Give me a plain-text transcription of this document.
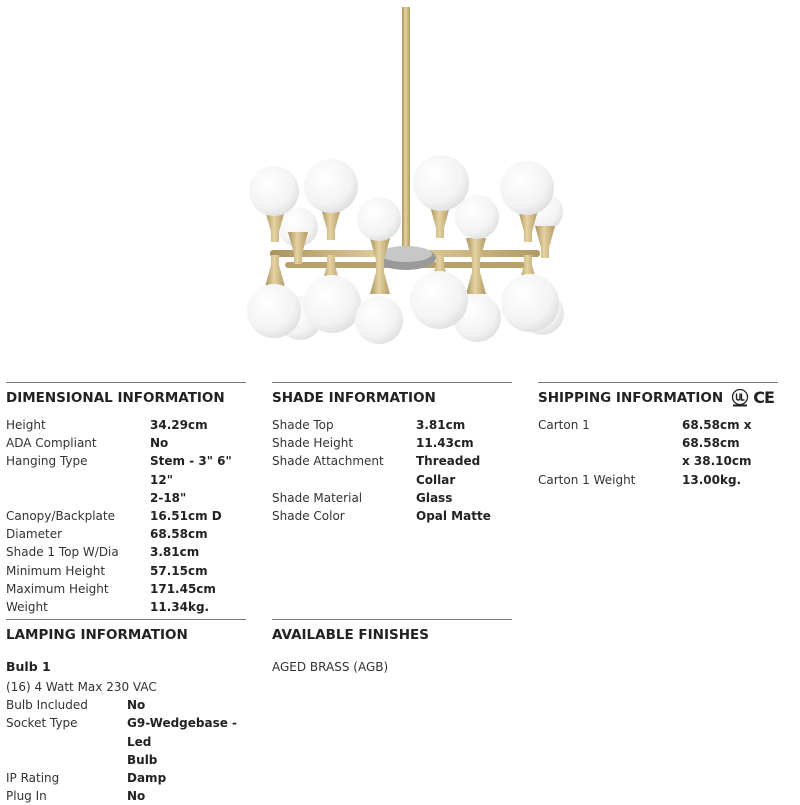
DIMENSIONAL INFORMATION
Height	34.29cm
ADA Compliant	No
Hanging Type	Stem - 3" 6" 12"
2-18"
Canopy/Backplate	16.51cm D
Diameter	68.58cm
Shade 1 Top W/Dia	3.81cm
Minimum Height	57.15cm
Maximum Height	171.45cm
Weight	11.34kg.
SHADE INFORMATION
Shade Top	3.81cm
Shade Height	11.43cm
Shade Attachment	Threaded Collar
Shade Material	Glass
Shade Color	Opal Matte
SHIPPING INFORMATION CE
Carton 1	68.58cm x 68.58cm
x 38.10cm
Carton 1 Weight	13.00kg.
LAMPING INFORMATION
Bulb 1
(16) 4 Watt Max 230 VAC
Bulb Included	No
Socket Type	G9-Wedgebase - Led
Bulb
IP Rating	Damp
Plug In	No
AVAILABLE FINISHES
AGED BRASS (AGB)
